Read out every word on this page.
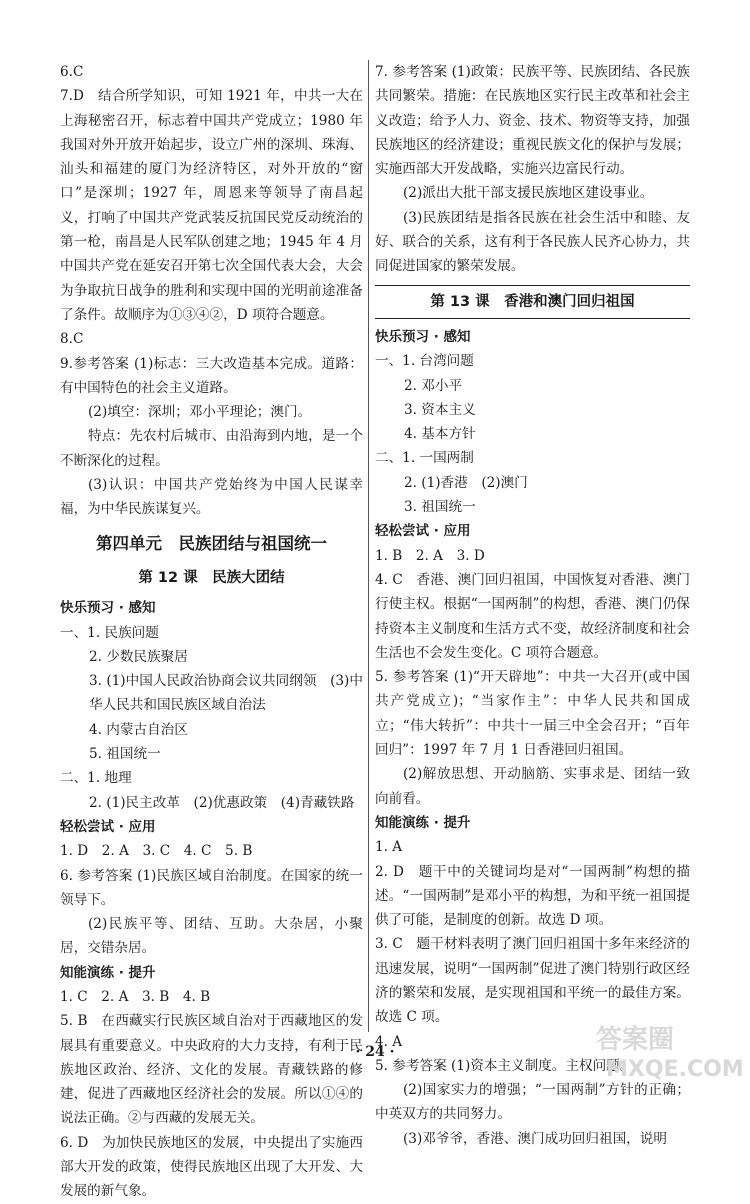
6.C
7.D　结合所学知识，可知 1921 年，中共一大在上海秘密召开，标志着中国共产党成立；1980 年我国对外开放开始起步，设立广州的深圳、珠海、汕头和福建的厦门为经济特区，对外开放的“窗口”是深圳；1927 年，周恩来等领导了南昌起义，打响了中国共产党武装反抗国民党反动统治的第一枪，南昌是人民军队创建之地；1945 年 4 月中国共产党在延安召开第七次全国代表大会，大会为争取抗日战争的胜利和实现中国的光明前途准备了条件。故顺序为①③④②，D 项符合题意。
8.C
9.参考答案 (1)标志：三大改造基本完成。道路：有中国特色的社会主义道路。
(2)填空：深圳；邓小平理论；澳门。
特点：先农村后城市、由沿海到内地，是一个不断深化的过程。
(3)认识：中国共产党始终为中国人民谋幸福，为中华民族谋复兴。
第四单元　民族团结与祖国统一
第 12 课　民族大团结
快乐预习 · 感知
一、1. 民族问题
2. 少数民族聚居
3. (1)中国人民政治协商会议共同纲领　(3)中华人民共和国民族区域自治法
4. 内蒙古自治区
5. 祖国统一
二、1. 地理
2. (1)民主改革　(2)优惠政策　(4)青藏铁路
轻松尝试 · 应用
1. D　2. A　3. C　4. C　5. B
6. 参考答案 (1)民族区域自治制度。在国家的统一领导下。
(2)民族平等、团结、互助。大杂居，小聚居，交错杂居。
知能演练 · 提升
1. C　2. A　3. B　4. B
5. B　在西藏实行民族区域自治对于西藏地区的发展具有重要意义。中央政府的大力支持，有利于民族地区政治、经济、文化的发展。青藏铁路的修建，促进了西藏地区经济社会的发展。所以①④的说法正确。②与西藏的发展无关。
6. D　为加快民族地区的发展，中央提出了实施西部大开发的政策，使得民族地区出现了大开发、大发展的新气象。
7. 参考答案 (1)政策：民族平等、民族团结、各民族共同繁荣。措施：在民族地区实行民主改革和社会主义改造；给予人力、资金、技术、物资等支持，加强民族地区的经济建设；重视民族文化的保护与发展；实施西部大开发战略，实施兴边富民行动。
(2)派出大批干部支援民族地区建设事业。
(3)民族团结是指各民族在社会生活中和睦、友好、联合的关系，这有利于各民族人民齐心协力，共同促进国家的繁荣发展。
第 13 课　香港和澳门回归祖国
快乐预习 · 感知
一、1. 台湾问题
2. 邓小平
3. 资本主义
4. 基本方针
二、1. 一国两制
2. (1)香港　(2)澳门
3. 祖国统一
轻松尝试 · 应用
1. B　2. A　3. D
4. C　香港、澳门回归祖国，中国恢复对香港、澳门行使主权。根据“一国两制”的构想，香港、澳门仍保持资本主义制度和生活方式不变，故经济制度和社会生活也不会发生变化。C 项符合题意。
5. 参考答案 (1)“开天辟地”：中共一大召开(或中国共产党成立)；“当家作主”：中华人民共和国成立；“伟大转折”：中共十一届三中全会召开；“百年回归”：1997 年 7 月 1 日香港回归祖国。
(2)解放思想、开动脑筋、实事求是、团结一致向前看。
知能演练 · 提升
1. A
2. D　题干中的关键词均是对“一国两制”构想的描述。“一国两制”是邓小平的构想，为和平统一祖国提供了可能，是制度的创新。故选 D 项。
3. C　题干材料表明了澳门回归祖国十多年来经济的迅速发展，说明“一国两制”促进了澳门特别行政区经济的繁荣和发展，是实现祖国和平统一的最佳方案。故选 C 项。
4. A
5. 参考答案 (1)资本主义制度。主权问题。
(2)国家实力的增强；“一国两制”方针的正确；中英双方的共同努力。
(3)邓爷爷，香港、澳门成功回归祖国，说明
· 24 ·	答案圈
MXQE.COM
